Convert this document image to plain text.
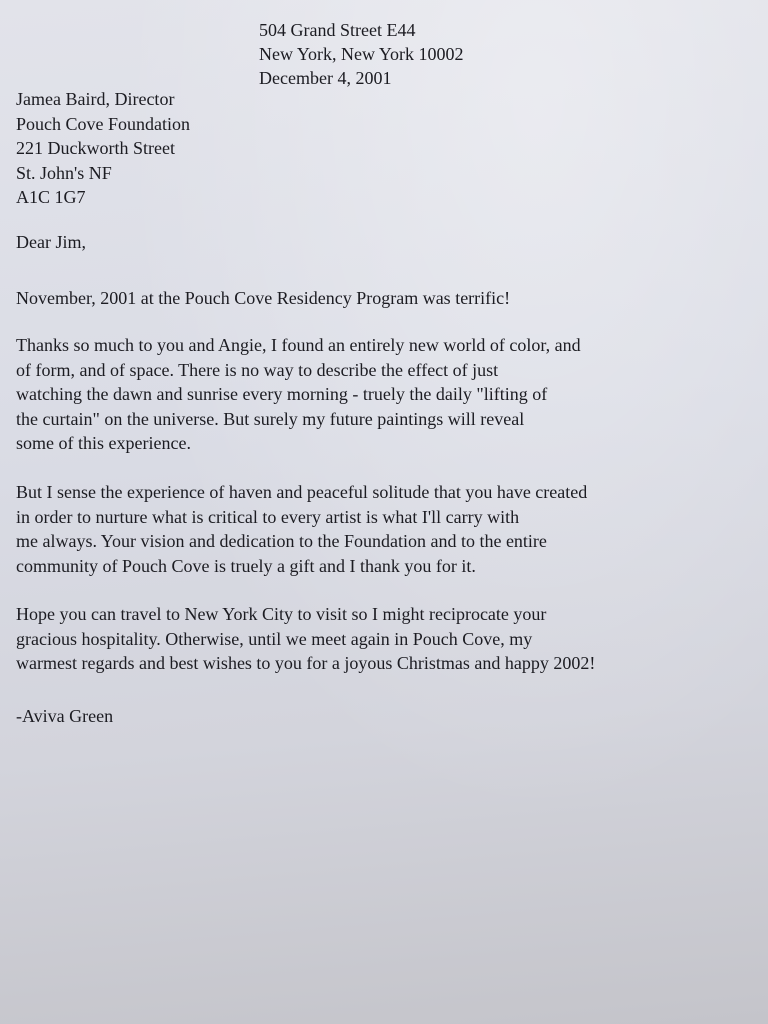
504 Grand Street E44
New York, New York 10002
December 4, 2001
Jamea Baird, Director
Pouch Cove Foundation
221 Duckworth Street
St. John's NF
A1C 1G7
Dear Jim,
November, 2001 at the Pouch Cove Residency Program was terrific!
Thanks so much to you and Angie, I found an entirely new world of color, and
of form, and of space. There is no way to describe the effect of just
watching the dawn and sunrise every morning - truely the daily "lifting of
the curtain" on the universe. But surely my future paintings will reveal
some of this experience.
But I sense the experience of haven and peaceful solitude that you have created
in order to nurture what is critical to every artist is what I'll carry with
me always. Your vision and dedication to the Foundation and to the entire
community of Pouch Cove is truely a gift and I thank you for it.
Hope you can travel to New York City to visit so I might reciprocate your
gracious hospitality. Otherwise, until we meet again in Pouch Cove, my
warmest regards and best wishes to you for a joyous Christmas and happy 2002!
-Aviva Green
